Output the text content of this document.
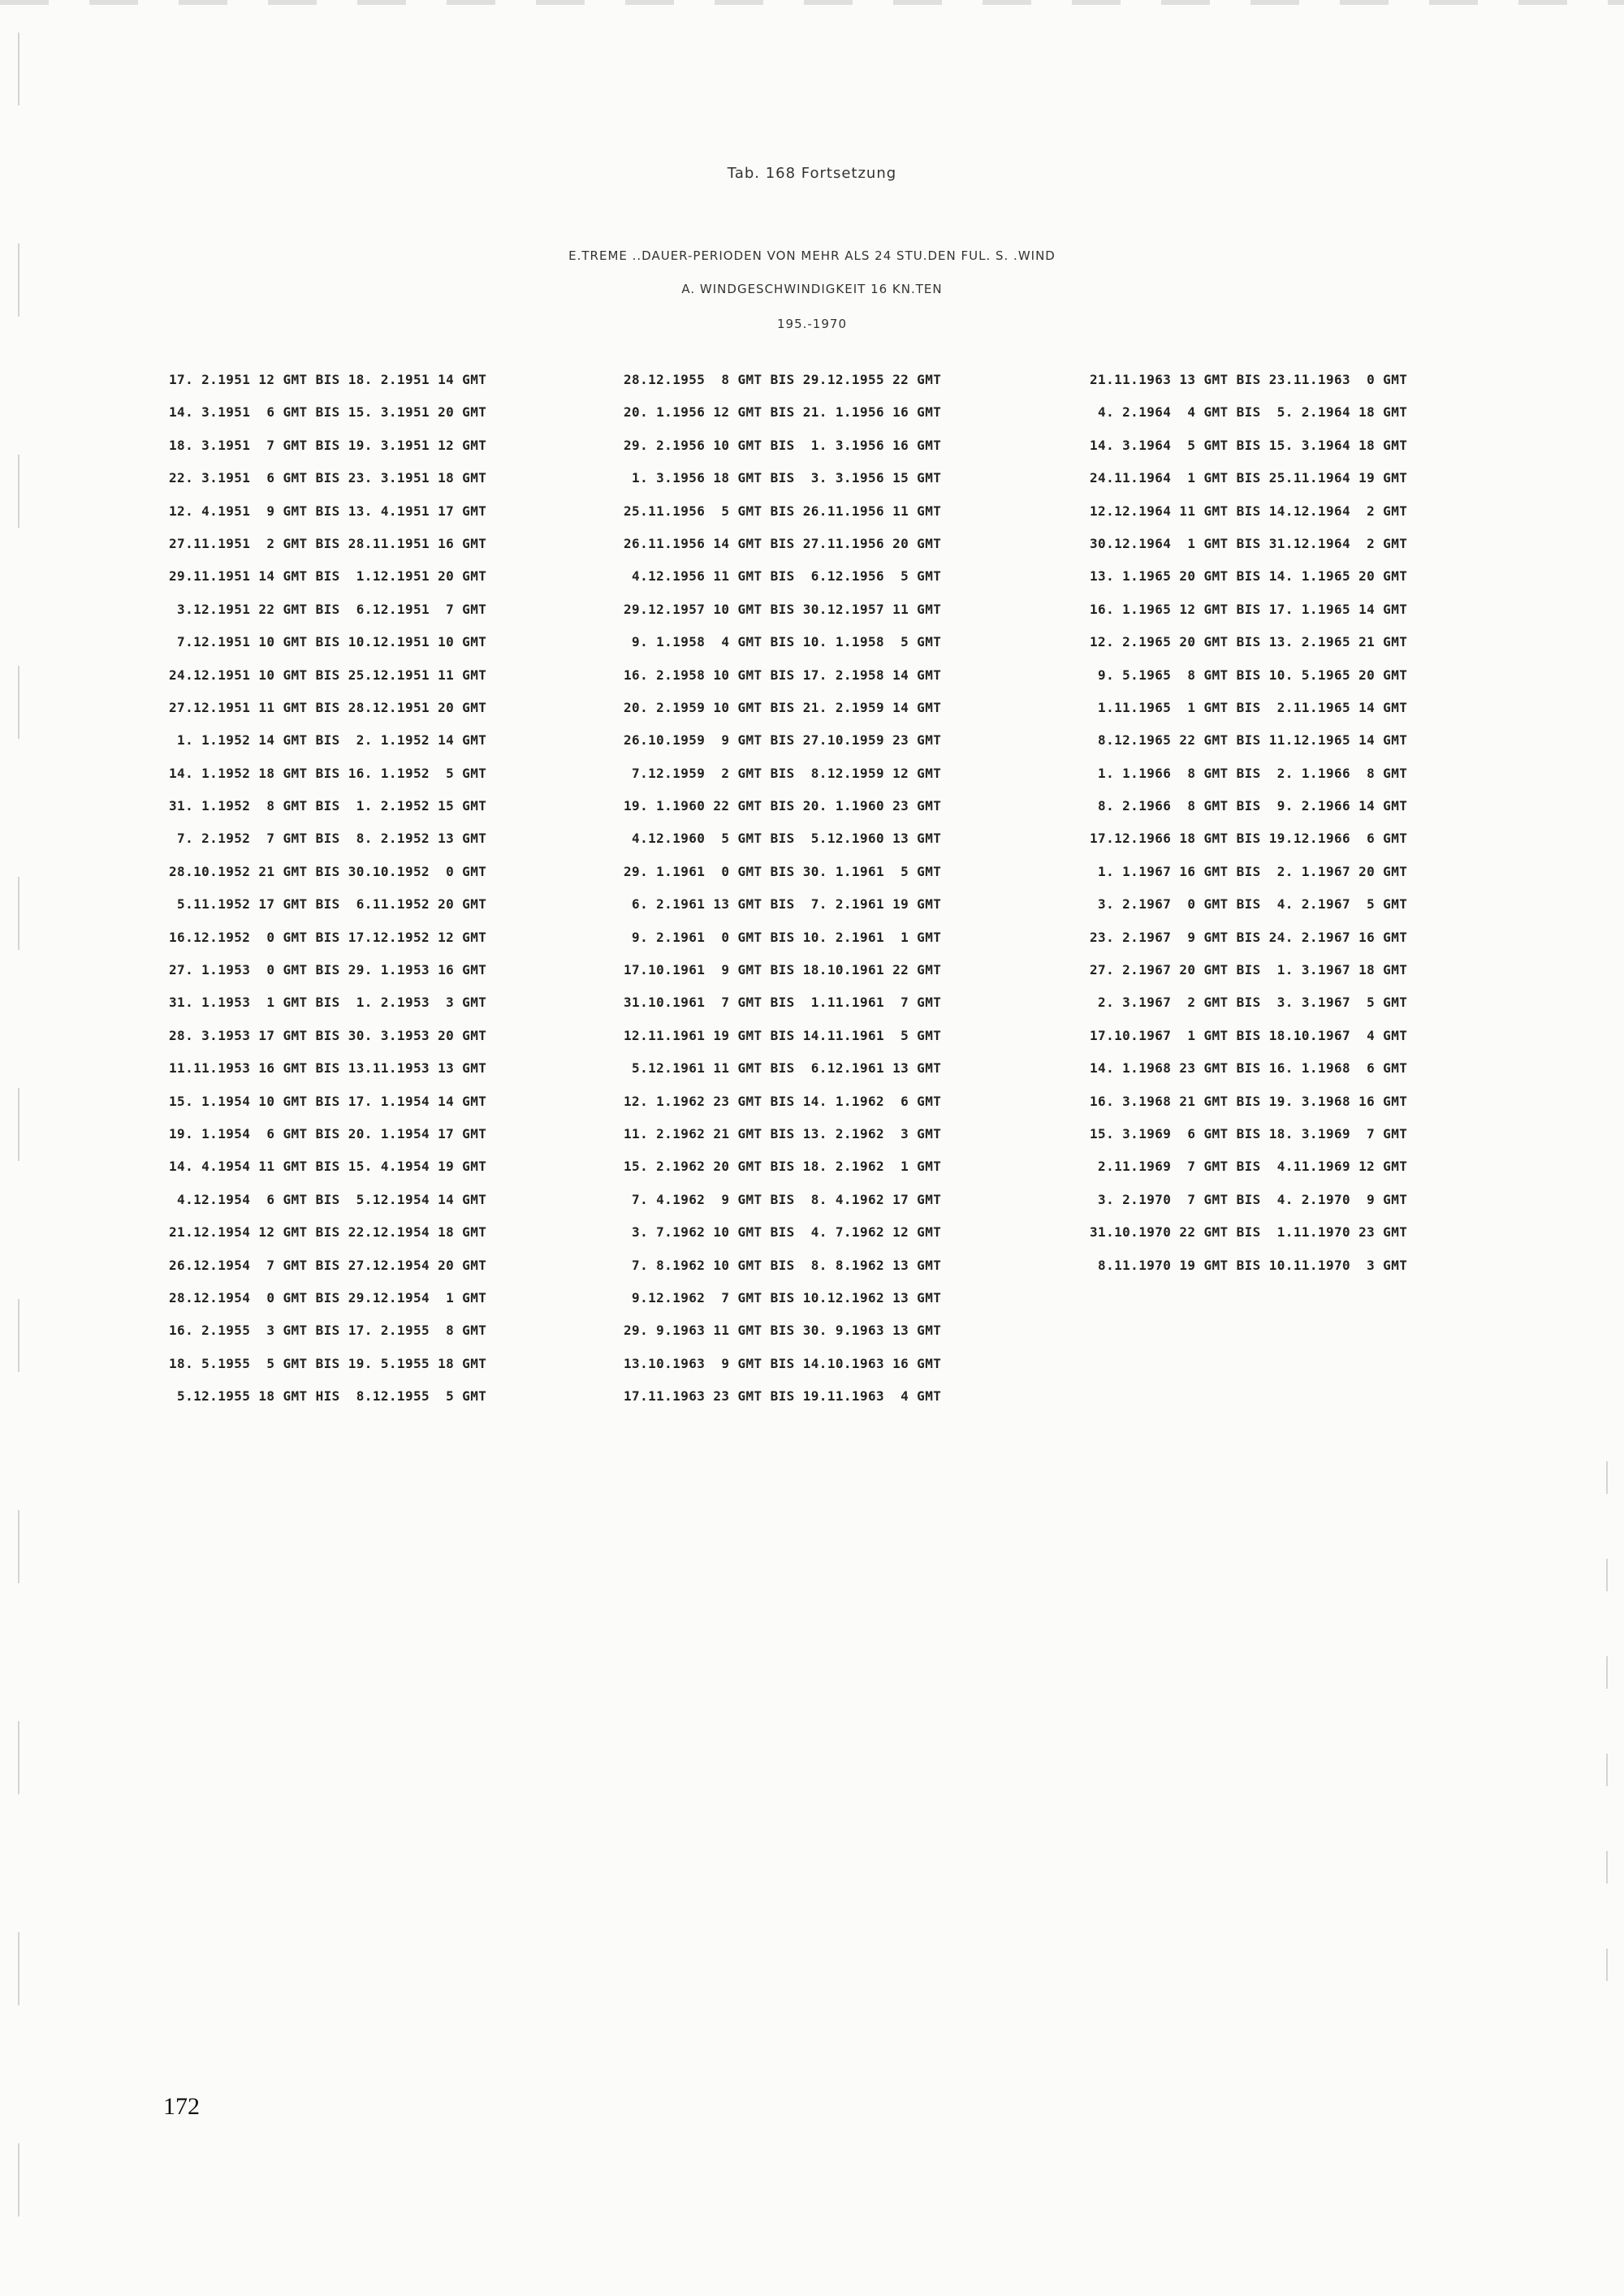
Tab. 168 Fortsetzung
E.TREME ..DAUER-PERIODEN VON MEHR ALS 24 STU.DEN FUL. S. .WIND
A. WINDGESCHWINDIGKEIT 16 KN.TEN
195.-1970
17. 2.1951 12 GMT BIS 18. 2.1951 14 GMT
14. 3.1951  6 GMT BIS 15. 3.1951 20 GMT
18. 3.1951  7 GMT BIS 19. 3.1951 12 GMT
22. 3.1951  6 GMT BIS 23. 3.1951 18 GMT
12. 4.1951  9 GMT BIS 13. 4.1951 17 GMT
27.11.1951  2 GMT BIS 28.11.1951 16 GMT
29.11.1951 14 GMT BIS  1.12.1951 20 GMT
3.12.1951 22 GMT BIS  6.12.1951  7 GMT
7.12.1951 10 GMT BIS 10.12.1951 10 GMT
24.12.1951 10 GMT BIS 25.12.1951 11 GMT
27.12.1951 11 GMT BIS 28.12.1951 20 GMT
1. 1.1952 14 GMT BIS  2. 1.1952 14 GMT
14. 1.1952 18 GMT BIS 16. 1.1952  5 GMT
31. 1.1952  8 GMT BIS  1. 2.1952 15 GMT
7. 2.1952  7 GMT BIS  8. 2.1952 13 GMT
28.10.1952 21 GMT BIS 30.10.1952  0 GMT
5.11.1952 17 GMT BIS  6.11.1952 20 GMT
16.12.1952  0 GMT BIS 17.12.1952 12 GMT
27. 1.1953  0 GMT BIS 29. 1.1953 16 GMT
31. 1.1953  1 GMT BIS  1. 2.1953  3 GMT
28. 3.1953 17 GMT BIS 30. 3.1953 20 GMT
11.11.1953 16 GMT BIS 13.11.1953 13 GMT
15. 1.1954 10 GMT BIS 17. 1.1954 14 GMT
19. 1.1954  6 GMT BIS 20. 1.1954 17 GMT
14. 4.1954 11 GMT BIS 15. 4.1954 19 GMT
4.12.1954  6 GMT BIS  5.12.1954 14 GMT
21.12.1954 12 GMT BIS 22.12.1954 18 GMT
26.12.1954  7 GMT BIS 27.12.1954 20 GMT
28.12.1954  0 GMT BIS 29.12.1954  1 GMT
16. 2.1955  3 GMT BIS 17. 2.1955  8 GMT
18. 5.1955  5 GMT BIS 19. 5.1955 18 GMT
5.12.1955 18 GMT HIS  8.12.1955  5 GMT
28.12.1955  8 GMT BIS 29.12.1955 22 GMT
20. 1.1956 12 GMT BIS 21. 1.1956 16 GMT
29. 2.1956 10 GMT BIS  1. 3.1956 16 GMT
1. 3.1956 18 GMT BIS  3. 3.1956 15 GMT
25.11.1956  5 GMT BIS 26.11.1956 11 GMT
26.11.1956 14 GMT BIS 27.11.1956 20 GMT
4.12.1956 11 GMT BIS  6.12.1956  5 GMT
29.12.1957 10 GMT BIS 30.12.1957 11 GMT
9. 1.1958  4 GMT BIS 10. 1.1958  5 GMT
16. 2.1958 10 GMT BIS 17. 2.1958 14 GMT
20. 2.1959 10 GMT BIS 21. 2.1959 14 GMT
26.10.1959  9 GMT BIS 27.10.1959 23 GMT
7.12.1959  2 GMT BIS  8.12.1959 12 GMT
19. 1.1960 22 GMT BIS 20. 1.1960 23 GMT
4.12.1960  5 GMT BIS  5.12.1960 13 GMT
29. 1.1961  0 GMT BIS 30. 1.1961  5 GMT
6. 2.1961 13 GMT BIS  7. 2.1961 19 GMT
9. 2.1961  0 GMT BIS 10. 2.1961  1 GMT
17.10.1961  9 GMT BIS 18.10.1961 22 GMT
31.10.1961  7 GMT BIS  1.11.1961  7 GMT
12.11.1961 19 GMT BIS 14.11.1961  5 GMT
5.12.1961 11 GMT BIS  6.12.1961 13 GMT
12. 1.1962 23 GMT BIS 14. 1.1962  6 GMT
11. 2.1962 21 GMT BIS 13. 2.1962  3 GMT
15. 2.1962 20 GMT BIS 18. 2.1962  1 GMT
7. 4.1962  9 GMT BIS  8. 4.1962 17 GMT
3. 7.1962 10 GMT BIS  4. 7.1962 12 GMT
7. 8.1962 10 GMT BIS  8. 8.1962 13 GMT
9.12.1962  7 GMT BIS 10.12.1962 13 GMT
29. 9.1963 11 GMT BIS 30. 9.1963 13 GMT
13.10.1963  9 GMT BIS 14.10.1963 16 GMT
17.11.1963 23 GMT BIS 19.11.1963  4 GMT
21.11.1963 13 GMT BIS 23.11.1963  0 GMT
4. 2.1964  4 GMT BIS  5. 2.1964 18 GMT
14. 3.1964  5 GMT BIS 15. 3.1964 18 GMT
24.11.1964  1 GMT BIS 25.11.1964 19 GMT
12.12.1964 11 GMT BIS 14.12.1964  2 GMT
30.12.1964  1 GMT BIS 31.12.1964  2 GMT
13. 1.1965 20 GMT BIS 14. 1.1965 20 GMT
16. 1.1965 12 GMT BIS 17. 1.1965 14 GMT
12. 2.1965 20 GMT BIS 13. 2.1965 21 GMT
9. 5.1965  8 GMT BIS 10. 5.1965 20 GMT
1.11.1965  1 GMT BIS  2.11.1965 14 GMT
8.12.1965 22 GMT BIS 11.12.1965 14 GMT
1. 1.1966  8 GMT BIS  2. 1.1966  8 GMT
8. 2.1966  8 GMT BIS  9. 2.1966 14 GMT
17.12.1966 18 GMT BIS 19.12.1966  6 GMT
1. 1.1967 16 GMT BIS  2. 1.1967 20 GMT
3. 2.1967  0 GMT BIS  4. 2.1967  5 GMT
23. 2.1967  9 GMT BIS 24. 2.1967 16 GMT
27. 2.1967 20 GMT BIS  1. 3.1967 18 GMT
2. 3.1967  2 GMT BIS  3. 3.1967  5 GMT
17.10.1967  1 GMT BIS 18.10.1967  4 GMT
14. 1.1968 23 GMT BIS 16. 1.1968  6 GMT
16. 3.1968 21 GMT BIS 19. 3.1968 16 GMT
15. 3.1969  6 GMT BIS 18. 3.1969  7 GMT
2.11.1969  7 GMT BIS  4.11.1969 12 GMT
3. 2.1970  7 GMT BIS  4. 2.1970  9 GMT
31.10.1970 22 GMT BIS  1.11.1970 23 GMT
8.11.1970 19 GMT BIS 10.11.1970  3 GMT
172
